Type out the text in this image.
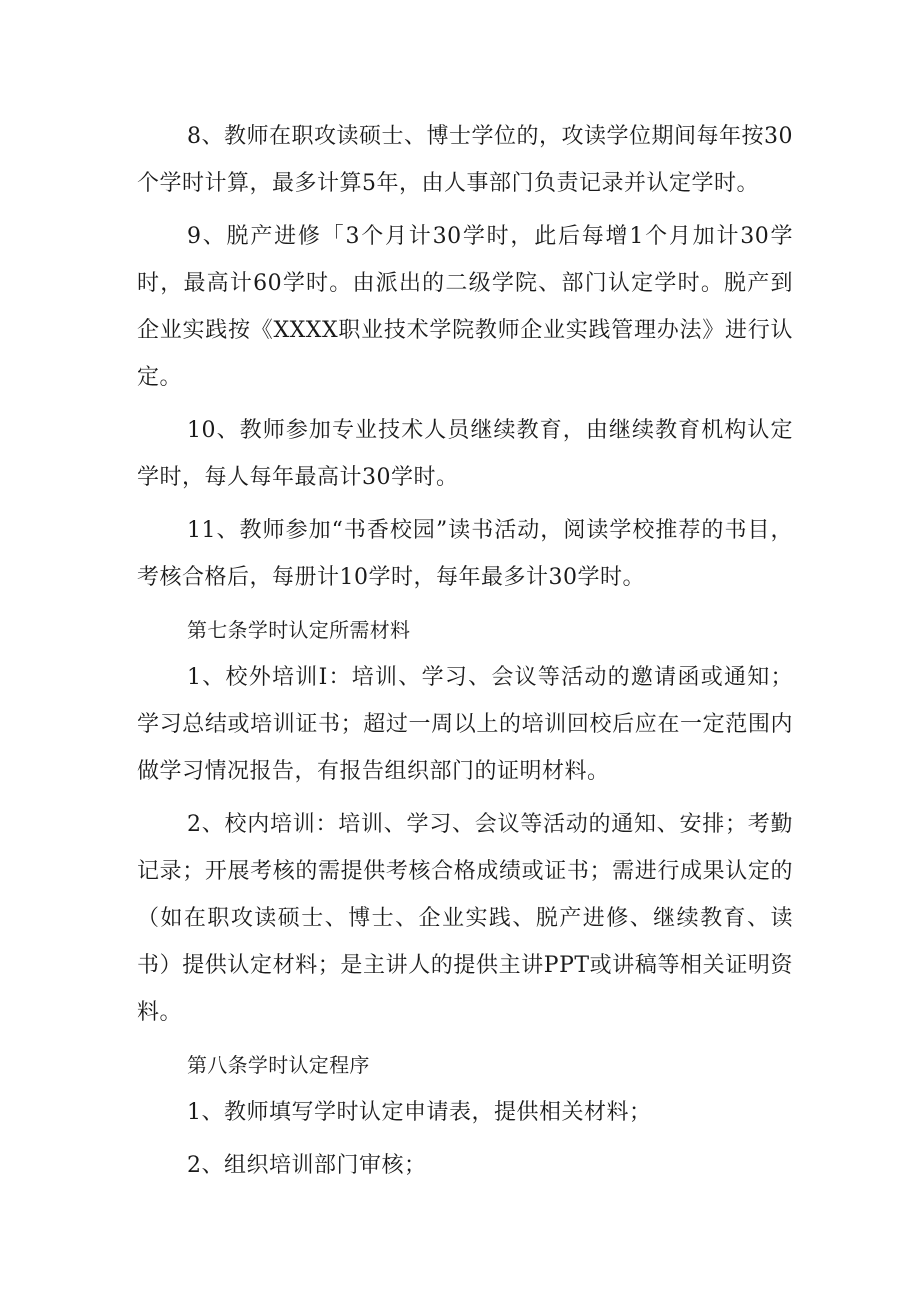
8、教师在职攻读硕士、博士学位的，攻读学位期间每年按30个学时计算，最多计算5年，由人事部门负责记录并认定学时。

9、脱产进修「3个月计30学时，此后每增1个月加计30学时，最高计60学时。由派出的二级学院、部门认定学时。脱产到企业实践按《XXXX职业技术学院教师企业实践管理办法》进行认定。

10、教师参加专业技术人员继续教育，由继续教育机构认定学时，每人每年最高计30学时。

11、教师参加“书香校园”读书活动，阅读学校推荐的书目，考核合格后，每册计10学时，每年最多计30学时。

第七条学时认定所需材料

1、校外培训I：培训、学习、会议等活动的邀请函或通知；学习总结或培训证书；超过一周以上的培训回校后应在一定范围内做学习情况报告，有报告组织部门的证明材料。

2、校内培训：培训、学习、会议等活动的通知、安排；考勤记录；开展考核的需提供考核合格成绩或证书；需进行成果认定的（如在职攻读硕士、博士、企业实践、脱产进修、继续教育、读书）提供认定材料；是主讲人的提供主讲PPT或讲稿等相关证明资料。

第八条学时认定程序

1、教师填写学时认定申请表，提供相关材料；

2、组织培训部门审核；
